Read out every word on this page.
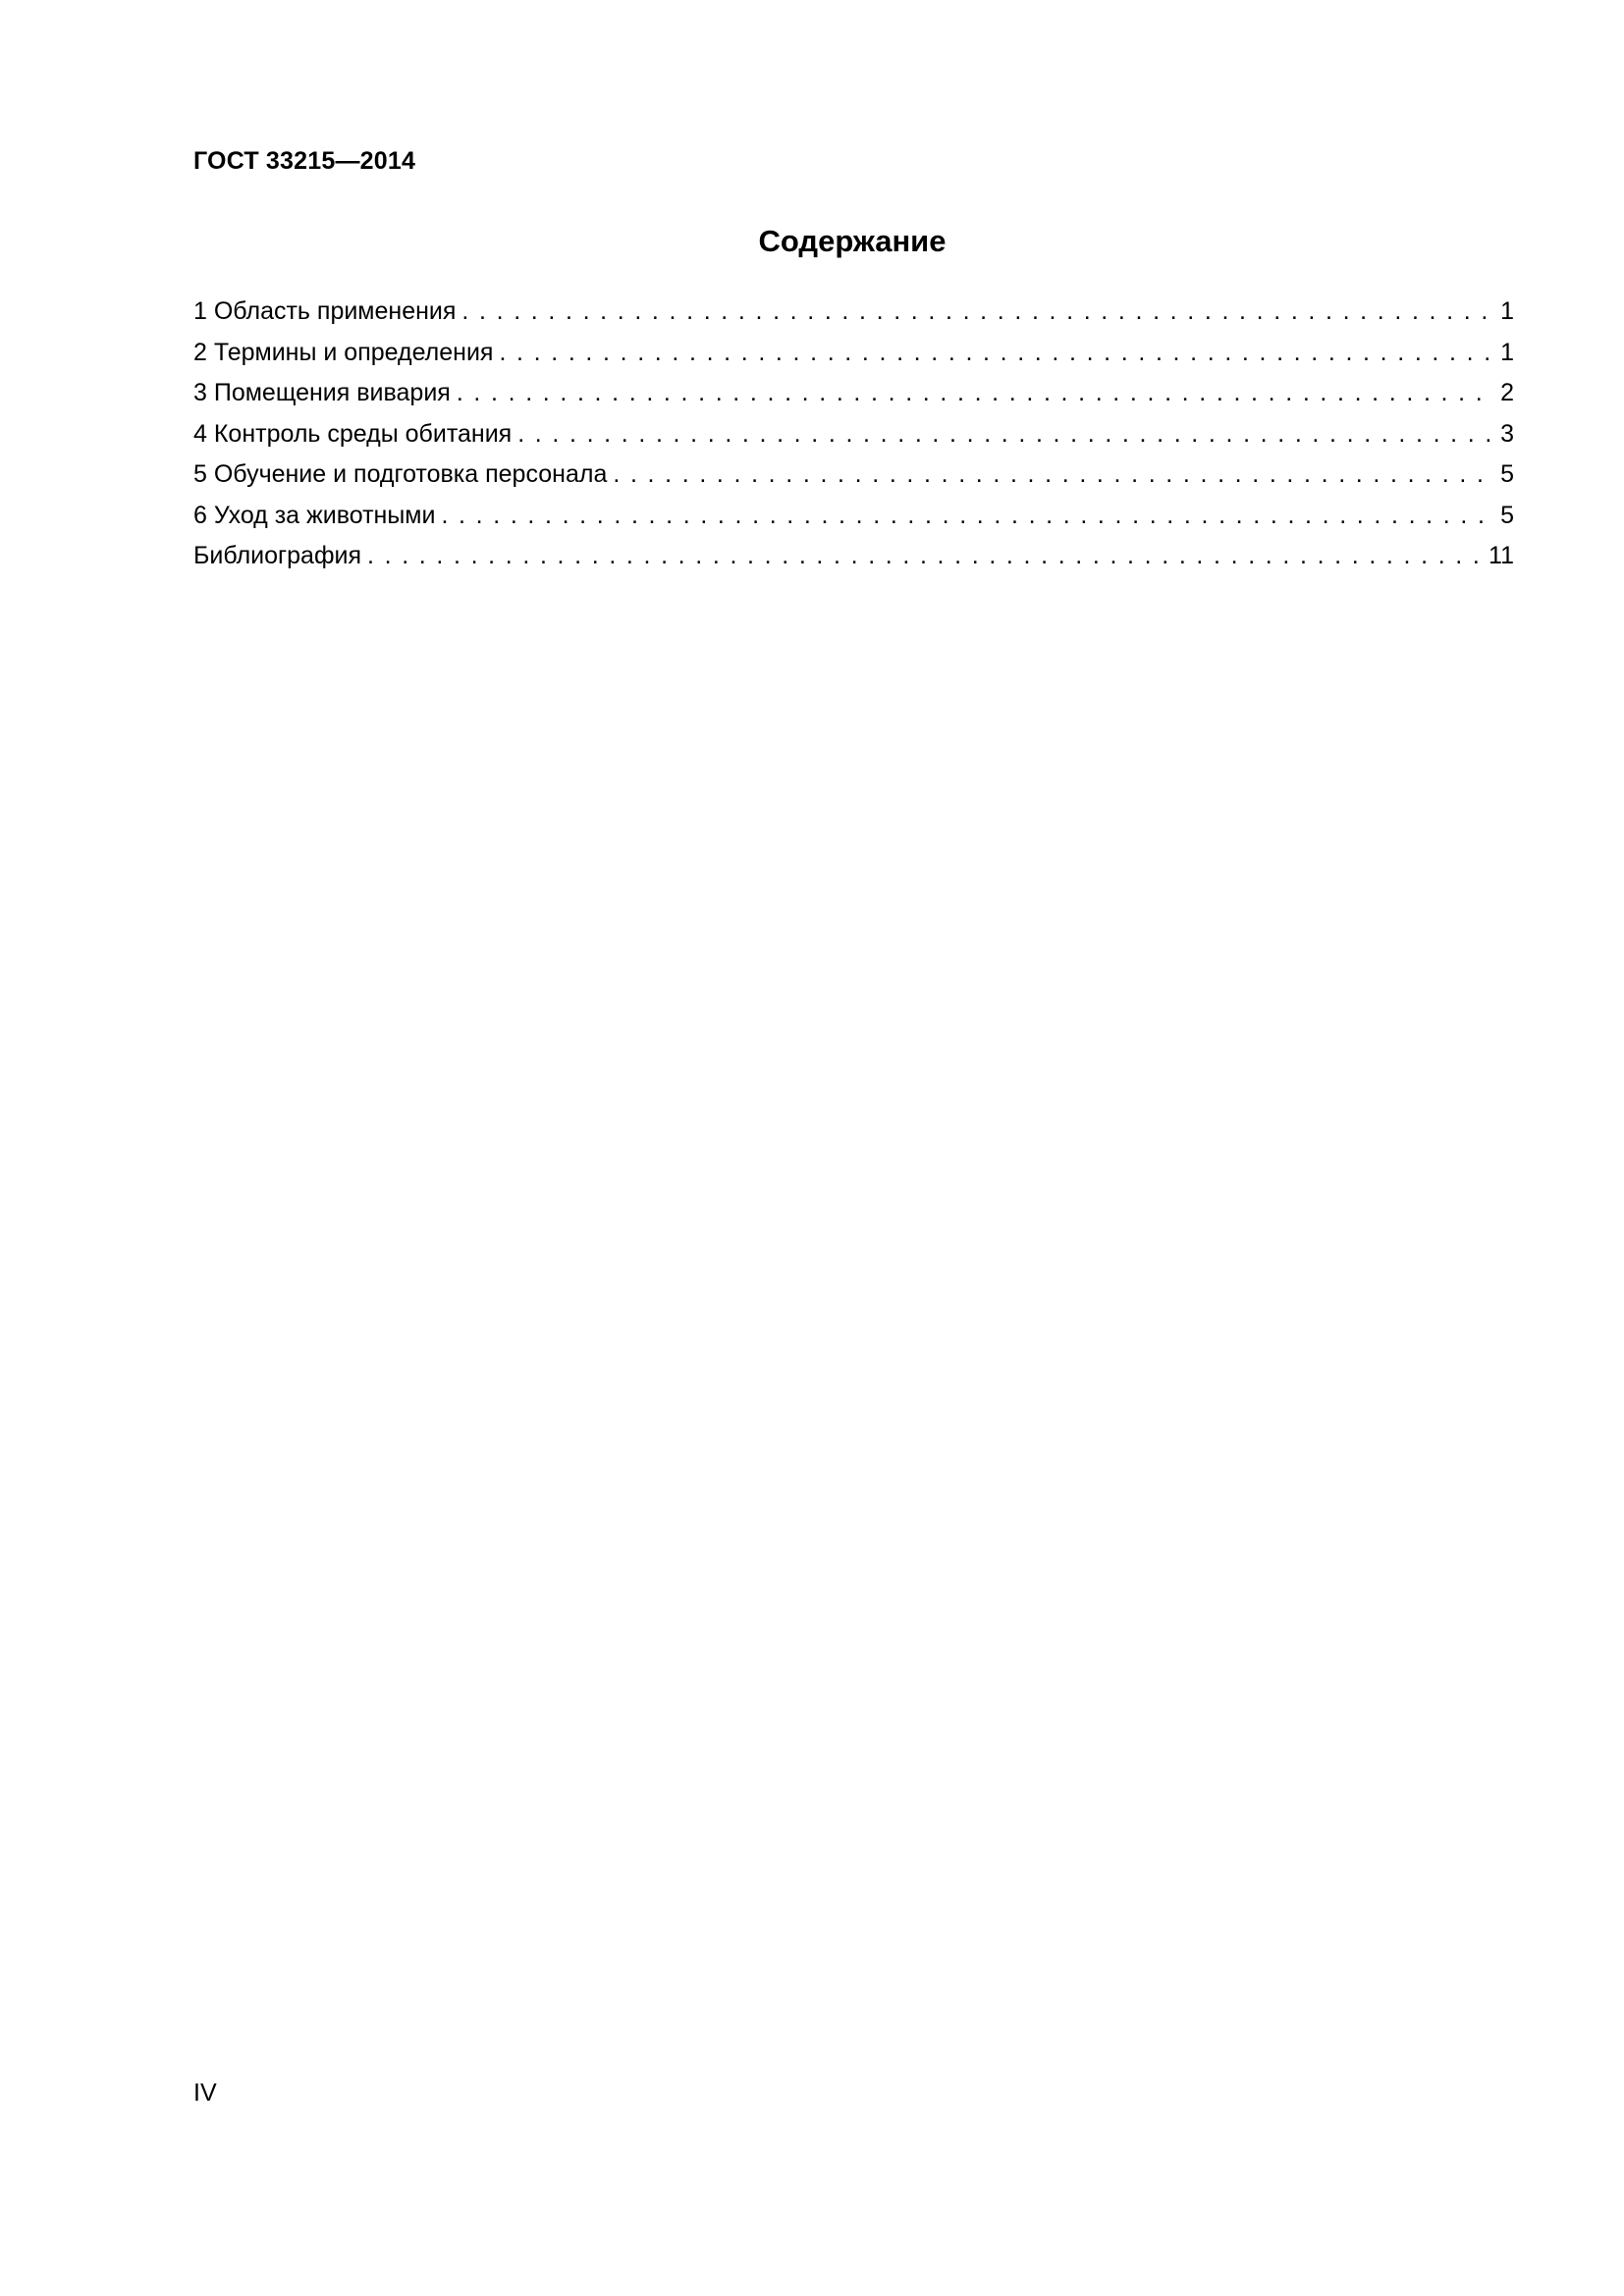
ГОСТ 33215—2014
Содержание
1 Область применения . . .	1
2 Термины и определения . . .	1
3 Помещения вивария . . .	2
4 Контроль среды обитания . . .	3
5 Обучение и подготовка персонала . . .	5
6 Уход за животными . . .	5
Библиография . . .	11
IV
